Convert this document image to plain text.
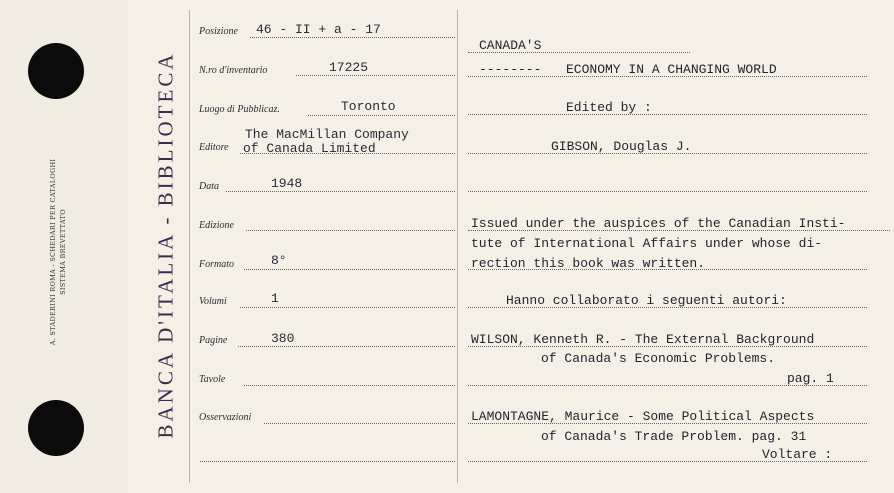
A. STADERINI ROMA - SCHEDARI PER CATALOGHI SISTEMA BREVETTATO	BANCA D'ITALIA - BIBLIOTECA
Posizione 46 - II + a - 17
N.ro d'inventario	17225
Luogo di Pubblicaz.	Toronto
Editore
The MacMillan Company
of Canada Limited
Data	1948
Edizione
Formato	8°
Volumi	1
Pagine	380
Tavole
Osservazioni
CANADA'S
-------- ECONOMY IN A CHANGING WORLD
Edited by :
GIBSON, Douglas J.
Issued under the auspices of the Canadian Insti-
tute of International Affairs under whose di-
rection this book was written.
Hanno collaborato i seguenti autori:
WILSON, Kenneth R. - The External Background
of Canada's Economic Problems.
pag. 1
LAMONTAGNE, Maurice - Some Political Aspects
of Canada's Trade Problem. pag. 31
Voltare :
